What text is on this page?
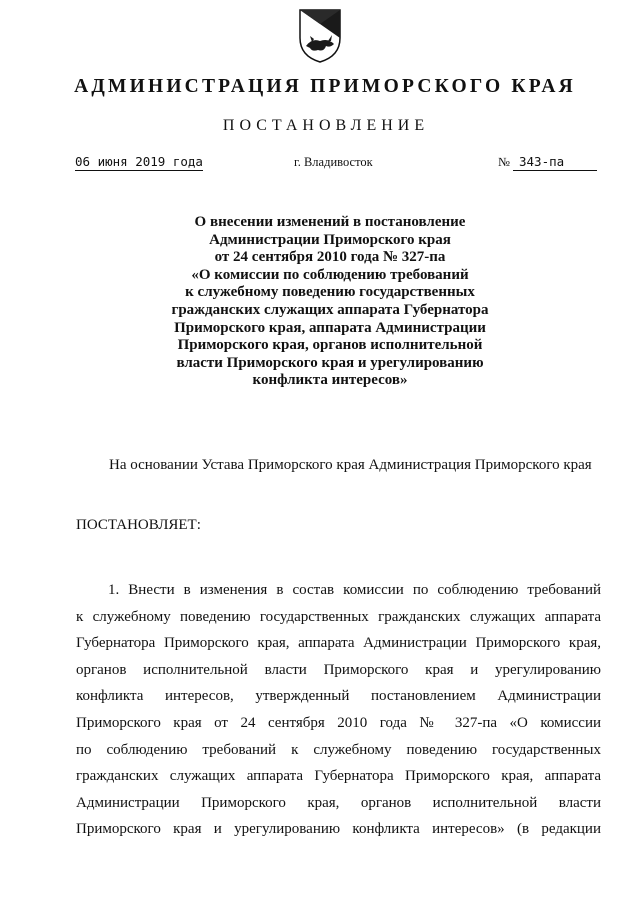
АДМИНИСТРАЦИЯ ПРИМОРСКОГО КРАЯ
ПОСТАНОВЛЕНИЕ
06 июня 2019 года	г. Владивосток	№ 343-па
О внесении изменений в постановление
Администрации Приморского края
от 24 сентября 2010 года № 327-па
«О комиссии по соблюдению требований
к служебному поведению государственных
гражданских служащих аппарата Губернатора
Приморского края, аппарата Администрации
Приморского края, органов исполнительной
власти Приморского края и урегулированию
конфликта интересов»
На основании Устава Приморского края Администрация Приморского края
ПОСТАНОВЛЯЕТ:
1. Внести в изменения в состав комиссии по соблюдению требований
к служебному поведению государственных гражданских служащих аппарата
Губернатора Приморского края, аппарата Администрации Приморского края,
органов исполнительной власти Приморского края и урегулированию
конфликта интересов, утвержденный постановлением Администрации
Приморского края от 24 сентября 2010 года № 327-па «О комиссии
по соблюдению требований к служебному поведению государственных
гражданских служащих аппарата Губернатора Приморского края, аппарата
Администрации Приморского края, органов исполнительной власти
Приморского края и урегулированию конфликта интересов» (в редакции
